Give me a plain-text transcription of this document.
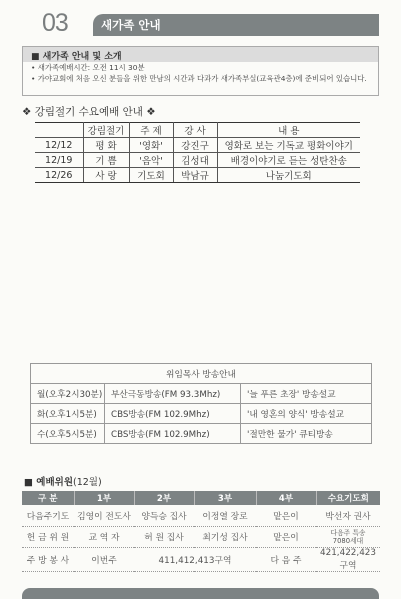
03	새가족 안내
■ 새가족 안내 및 소개
• 새가족예배시간: 오전 11시 30분
• 가야교회에 처음 오신 분들을 위한 만남의 시간과 다과가 새가족부실(교육관4층)에 준비되어 있습니다.
❖ 강림절기 수요예배 안내 ❖
	강림절기	주 제	강 사	내 용
12/12	평 화	'영화'	강진구	영화로 보는 기독교 평화이야기
12/19	기 쁨	'음악'	김성대	배경이야기로 듣는 성탄찬송
12/26	사 랑	기도회	박남규	나눔기도회
위임목사 방송안내		
월(오후2시30분)	부산극동방송(FM 93.3Mhz)	'늘 푸른 초장' 방송설교
화(오후1시5분)	CBS방송(FM 102.9Mhz)	'내 영혼의 양식' 방송설교
수(오후5시5분)	CBS방송(FM 102.9Mhz)	'절만한 물가' 큐티방송
■ 예배위원(12월)
구 분	1부	2부	3부	4부	수요기도회
다음주기도	김영이 전도사	양득승 집사	이정열 장로	맡은이	박선자 권사
헌 금 위 원	교 역 자	허 원 집사	최기성 집사	맡은이	다음주 특송
7080세대

주 방 봉 사	이번주	411,412,413구역		다 음 주	421,422,423구역
